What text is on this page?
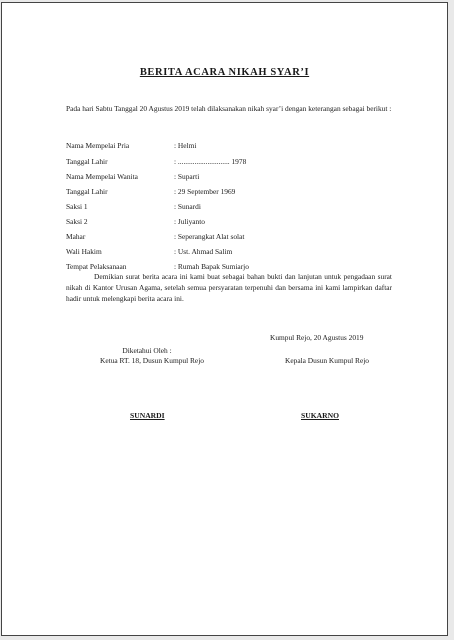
BERITA ACARA NIKAH SYAR’I
Pada hari Sabtu Tanggal 20 Agustus 2019 telah dilaksanakan nikah syar’i dengan keterangan sebagai berikut :
Nama Mempelai Pria	: Helmi
Tanggal Lahir	: ............................ 1978
Nama Mempelai Wanita	: Suparti
Tanggal Lahir	: 29 September 1969
Saksi 1	: Sunardi
Saksi 2	: Juliyanto
Mahar	: Seperangkat Alat solat
Wali Hakim	: Ust. Ahmad Salim
Tempat Pelaksanaan	: Rumah Bapak Sumiarjo
Demikian surat berita acara ini kami buat sebagai bahan bukti dan lanjutan untuk pengadaan surat nikah di Kantor Urusan Agama, setelah semua persyaratan terpenuhi dan bersama ini kami lampirkan daftar hadir untuk melengkapi berita acara ini.
Kumpul Rejo, 20 Agustus 2019
Diketahui Oleh :
Ketua RT. 18, Dusun Kumpul Rejo	Kepala Dusun Kumpul Rejo
SUNARDI	SUKARNO
